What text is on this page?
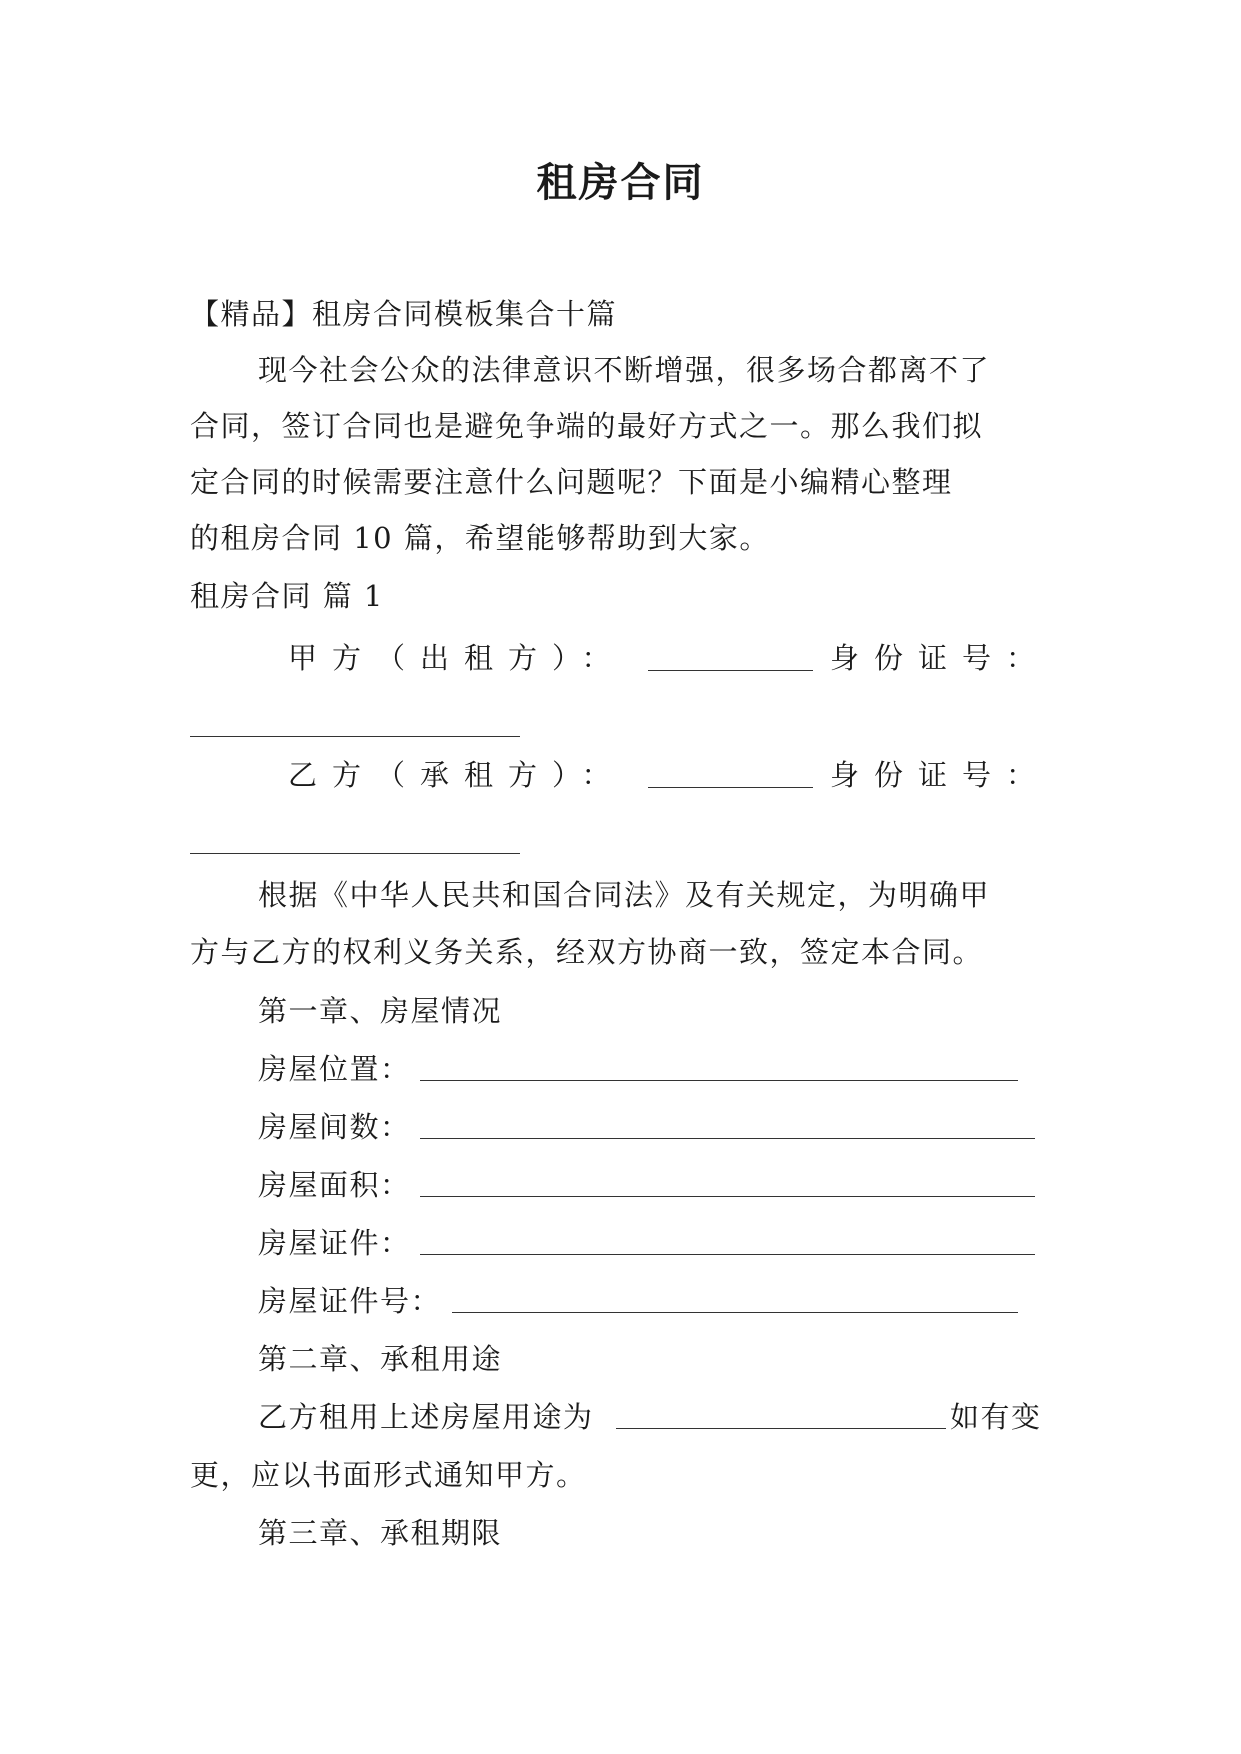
租房合同
【精品】租房合同模板集合十篇
现今社会公众的法律意识不断增强，很多场合都离不了
合同，签订合同也是避免争端的最好方式之一。那么我们拟
定合同的时候需要注意什么问题呢？下面是小编精心整理
的租房合同 10 篇，希望能够帮助到大家。
租房合同 篇 1
甲方（出租方）：	身份证号：
乙方（承租方）：	身份证号：
根据《中华人民共和国合同法》及有关规定，为明确甲
方与乙方的权利义务关系，经双方协商一致，签定本合同。
第一章、房屋情况
房屋位置：
房屋间数：
房屋面积：
房屋证件：
房屋证件号：
第二章、承租用途
乙方租用上述房屋用途为	如有变
更，应以书面形式通知甲方。
第三章、承租期限
